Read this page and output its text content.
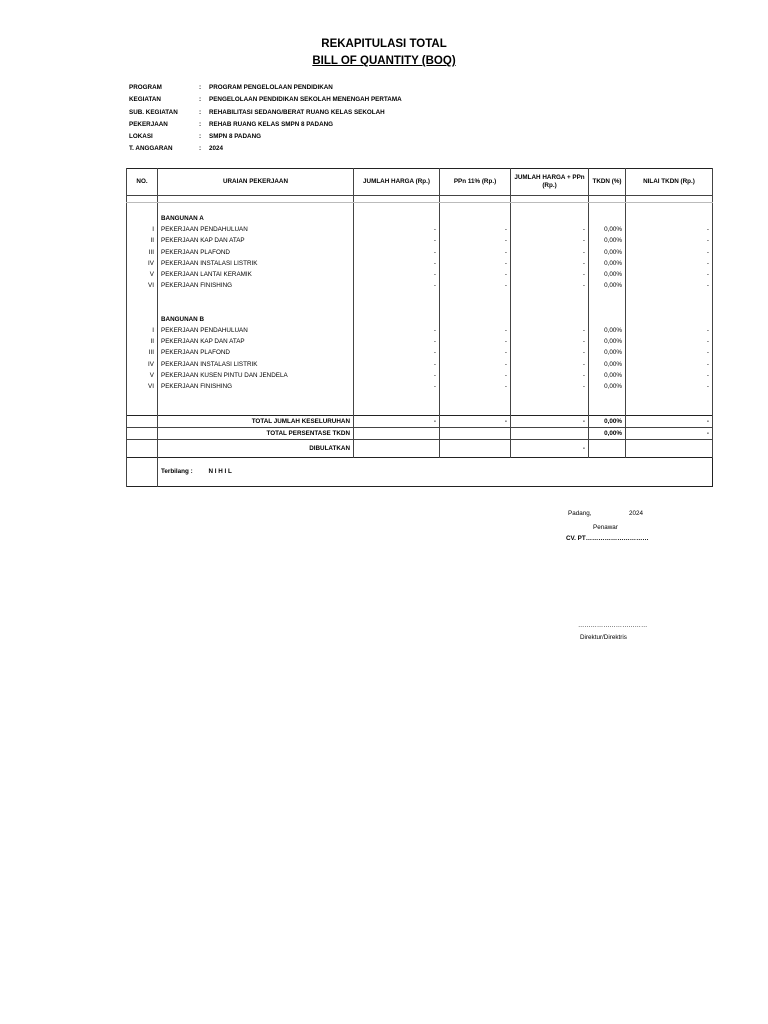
REKAPITULASI TOTAL
BILL OF QUANTITY (BOQ)
PROGRAM	:	PROGRAM PENGELOLAAN PENDIDIKAN
KEGIATAN	:	PENGELOLAAN PENDIDIKAN SEKOLAH MENENGAH PERTAMA
SUB. KEGIATAN	:	REHABILITASI SEDANG/BERAT RUANG KELAS SEKOLAH
PEKERJAAN	:	REHAB RUANG KELAS SMPN 8 PADANG
LOKASI	:	SMPN 8 PADANG
T. ANGGARAN	:	2024
NO.	URAIAN PEKERJAAN	JUMLAH HARGA (Rp.)	PPn 11% (Rp.)	JUMLAH HARGA + PPn (Rp.)	TKDN (%)	NILAI TKDN (Rp.)

	BANGUNAN A					
I	PEKERJAAN PENDAHULUAN	-	-	-	0,00%	-
II	PEKERJAAN KAP DAN ATAP	-	-	-	0,00%	-
III	PEKERJAAN PLAFOND	-	-	-	0,00%	-
IV	PEKERJAAN INSTALASI LISTRIK	-	-	-	0,00%	-
V	PEKERJAAN LANTAI KERAMIK	-	-	-	0,00%	-
VI	PEKERJAAN FINISHING	-	-	-	0,00%	-

	BANGUNAN B					
I	PEKERJAAN PENDAHULUAN	-	-	-	0,00%	-
II	PEKERJAAN KAP DAN ATAP	-	-	-	0,00%	-
III	PEKERJAAN PLAFOND	-	-	-	0,00%	-
IV	PEKERJAAN INSTALASI LISTRIK	-	-	-	0,00%	-
V	PEKERJAAN KUSEN PINTU DAN JENDELA	-	-	-	0,00%	-
VI	PEKERJAAN FINISHING	-	-	-	0,00%	-

	TOTAL JUMLAH KESELURUHAN	-	-	-	0,00%	-
	TOTAL PERSENTASE TKDN				0,00%	-
	DIBULATKAN			-		
	Terbilang : N I H I L					
Padang,	2024
Penawar
CV. PT…………………………
……………………………
Direktur/Direktris
